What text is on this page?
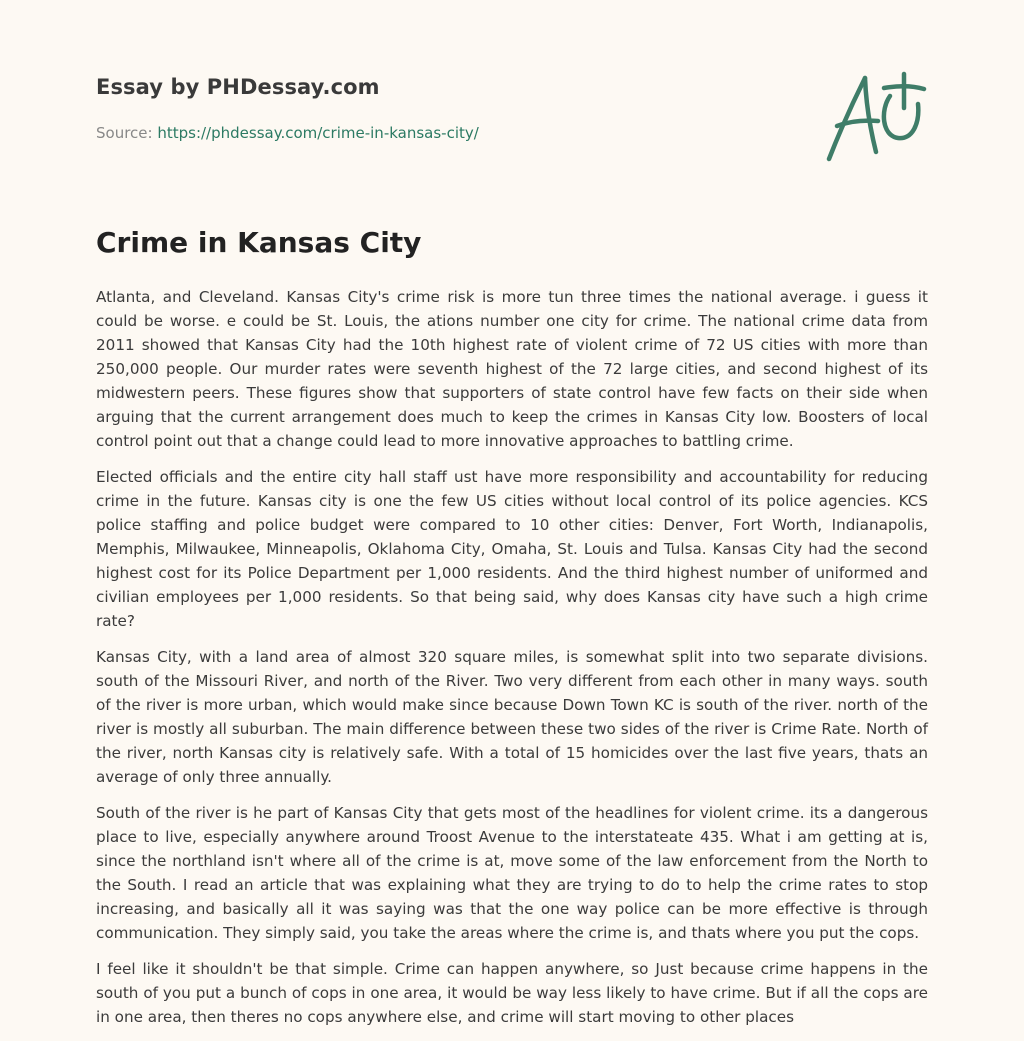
Essay by PHDessay.com
Source: https://phdessay.com/crime-in-kansas-city/
Crime in Kansas City

Atlanta, and Cleveland. Kansas City's crime risk is more tun three times the national average. i guess it could be worse. e could be St. Louis, the ations number one city for crime. The national crime data from 2011 showed that Kansas City had the 10th highest rate of violent crime of 72 US cities with more than 250,000 people. Our murder rates were seventh highest of the 72 large cities, and second highest of its midwestern peers. These figures show that supporters of state control have few facts on their side when arguing that the current arrangement does much to keep the crimes in Kansas City low. Boosters of local control point out that a change could lead to more innovative approaches to battling crime.

Elected officials and the entire city hall staff ust have more responsibility and accountability for reducing crime in the future. Kansas city is one the few US cities without local control of its police agencies. KCS police staffing and police budget were compared to 10 other cities: Denver, Fort Worth, Indianapolis, Memphis, Milwaukee, Minneapolis, Oklahoma City, Omaha, St. Louis and Tulsa. Kansas City had the second highest cost for its Police Department per 1,000 residents. And the third highest number of uniformed and civilian employees per 1,000 residents. So that being said, why does Kansas city have such a high crime rate?

Kansas City, with a land area of almost 320 square miles, is somewhat split into two separate divisions. south of the Missouri River, and north of the River. Two very different from each other in many ways. south of the river is more urban, which would make since because Down Town KC is south of the river. north of the river is mostly all suburban. The main difference between these two sides of the river is Crime Rate. North of the river, north Kansas city is relatively safe. With a total of 15 homicides over the last five years, thats an average of only three annually.

South of the river is he part of Kansas City that gets most of the headlines for violent crime. its a dangerous place to live, especially anywhere around Troost Avenue to the interstateate 435. What i am getting at is, since the northland isn't where all of the crime is at, move some of the law enforcement from the North to the South. I read an article that was explaining what they are trying to do to help the crime rates to stop increasing, and basically all it was saying was that the one way police can be more effective is through communication. They simply said, you take the areas where the crime is, and thats where you put the cops.

I feel like it shouldn't be that simple. Crime can happen anywhere, so Just because crime happens in the south of you put a bunch of cops in one area, it would be way less likely to have crime. But if all the cops are in one area, then theres no cops anywhere else, and crime will start moving to other places
